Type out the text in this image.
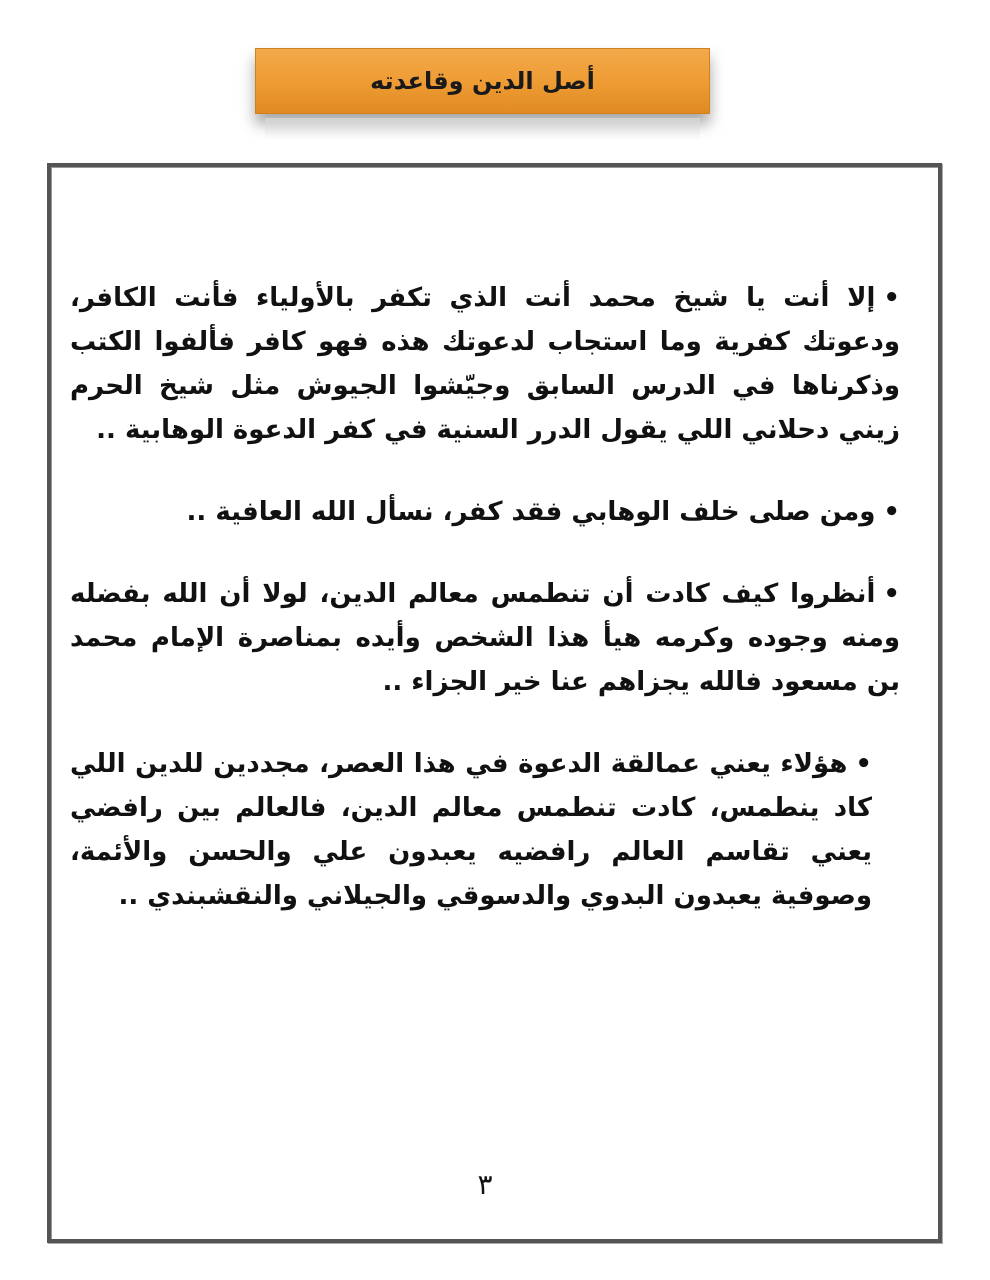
أصل الدين وقاعدته

•إلا أنت يا شيخ محمد أنت الذي تكفر بالأولياء فأنت الكافر، ودعوتك كفرية وما استجاب لدعوتك هذه فهو كافر فألفوا الكتب وذكرناها في الدرس السابق وجيّشوا الجيوش مثل شيخ الحرم زيني دحلاني اللي يقول الدرر السنية في كفر الدعوة الوهابية ..

•ومن صلى خلف الوهابي فقد كفر، نسأل الله العافية ..

•أنظروا كيف كادت أن تنطمس معالم الدين، لولا أن الله بفضله ومنه وجوده وكرمه هيأ هذا الشخص وأيده بمناصرة الإمام محمد بن مسعود فالله يجزاهم عنا خير الجزاء ..

•هؤلاء يعني عمالقة الدعوة في هذا العصر، مجددين للدين اللي كاد ينطمس، كادت تنطمس معالم الدين، فالعالم بين رافضي يعني تقاسم العالم رافضيه يعبدون علي والحسن والأئمة، وصوفية يعبدون البدوي والدسوقي والجيلاني والنقشبندي ..

٣
